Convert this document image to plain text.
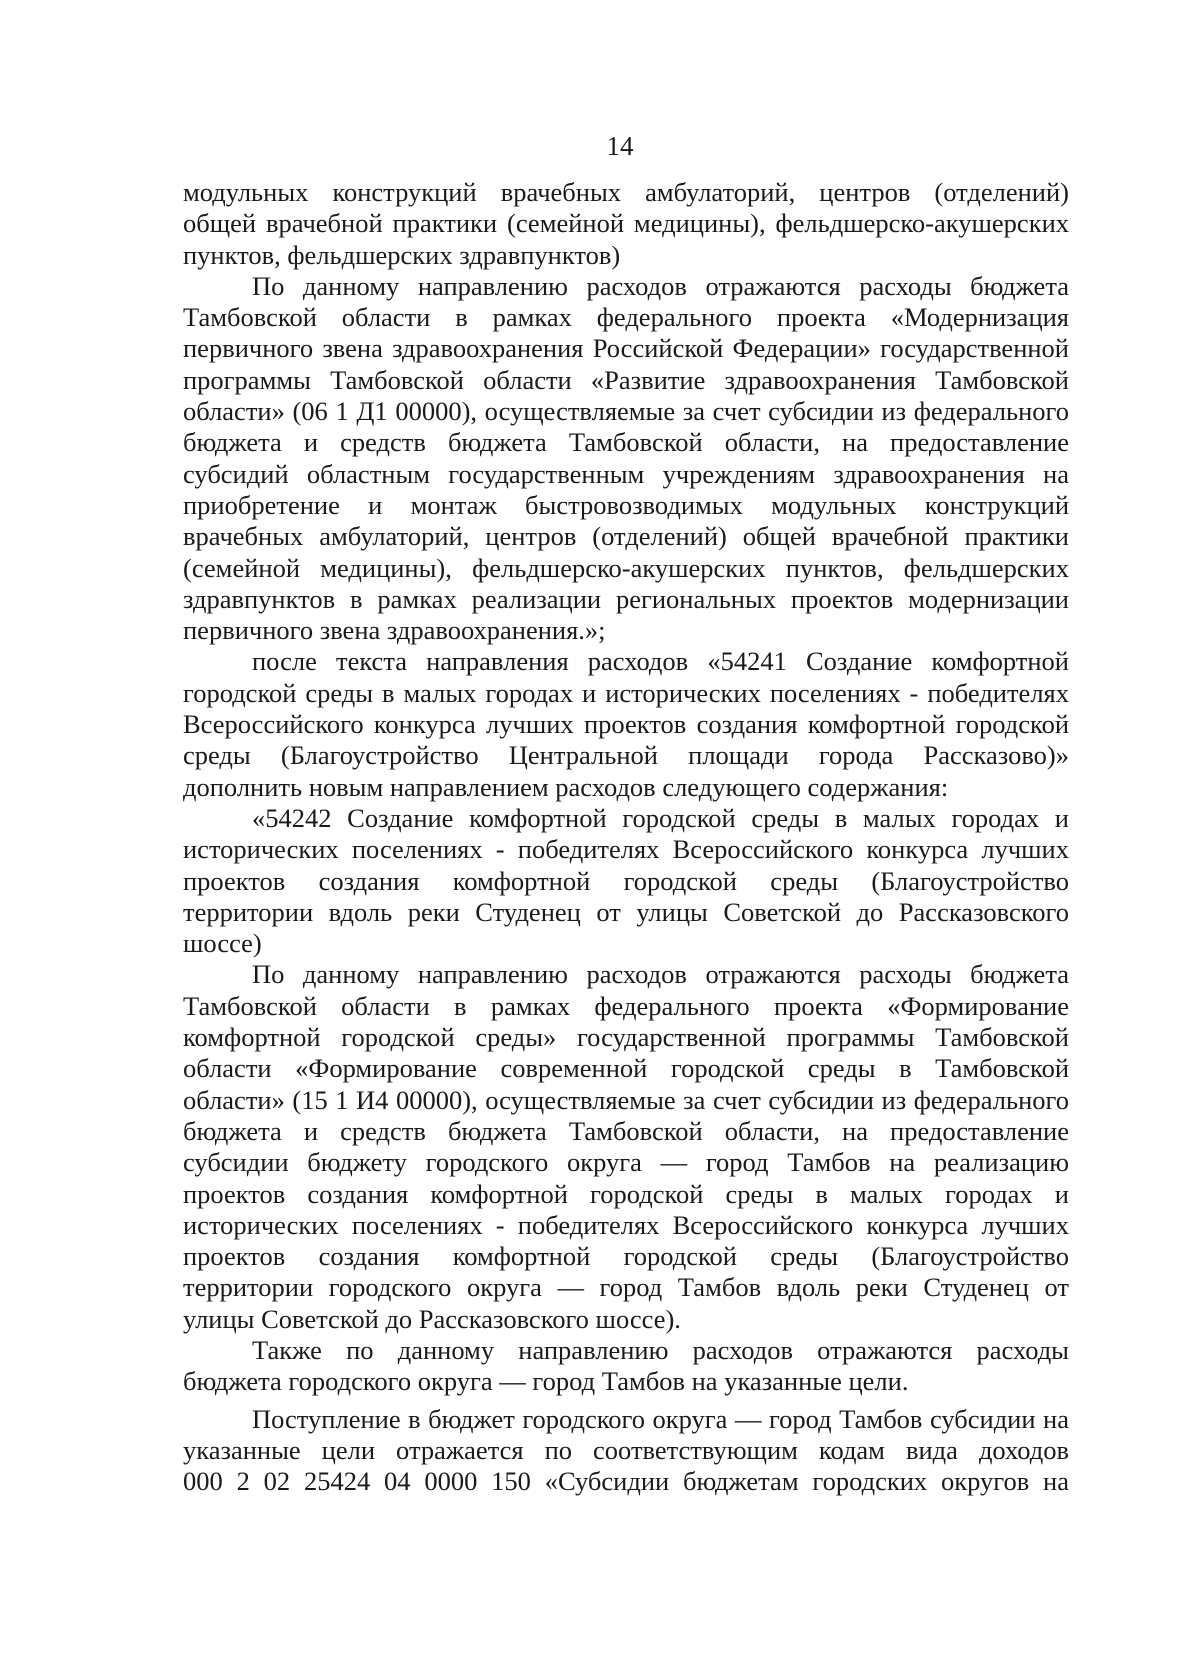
14
модульных конструкций врачебных амбулаторий, центров (отделений)
общей врачебной практики (семейной медицины), фельдшерско-акушерских
пунктов, фельдшерских здравпунктов)
По данному направлению расходов отражаются расходы бюджета
Тамбовской области в рамках федерального проекта «Модернизация
первичного звена здравоохранения Российской Федерации» государственной
программы Тамбовской области «Развитие здравоохранения Тамбовской
области» (06 1 Д1 00000), осуществляемые за счет субсидии из федерального
бюджета и средств бюджета Тамбовской области, на предоставление
субсидий областным государственным учреждениям здравоохранения на
приобретение и монтаж быстровозводимых модульных конструкций
врачебных амбулаторий, центров (отделений) общей врачебной практики
(семейной медицины), фельдшерско-акушерских пунктов, фельдшерских
здравпунктов в рамках реализации региональных проектов модернизации
первичного звена здравоохранения.»;
после текста направления расходов «54241 Создание комфортной
городской среды в малых городах и исторических поселениях - победителях
Всероссийского конкурса лучших проектов создания комфортной городской
среды (Благоустройство Центральной площади города Рассказово)»
дополнить новым направлением расходов следующего содержания:
«54242 Создание комфортной городской среды в малых городах и
исторических поселениях - победителях Всероссийского конкурса лучших
проектов создания комфортной городской среды (Благоустройство
территории вдоль реки Студенец от улицы Советской до Рассказовского
шоссе)
По данному направлению расходов отражаются расходы бюджета
Тамбовской области в рамках федерального проекта «Формирование
комфортной городской среды» государственной программы Тамбовской
области «Формирование современной городской среды в Тамбовской
области» (15 1 И4 00000), осуществляемые за счет субсидии из федерального
бюджета и средств бюджета Тамбовской области, на предоставление
субсидии бюджету городского округа — город Тамбов на реализацию
проектов создания комфортной городской среды в малых городах и
исторических поселениях - победителях Всероссийского конкурса лучших
проектов создания комфортной городской среды (Благоустройство
территории городского округа — город Тамбов вдоль реки Студенец от
улицы Советской до Рассказовского шоссе).
Также по данному направлению расходов отражаются расходы
бюджета городского округа — город Тамбов на указанные цели.
Поступление в бюджет городского округа — город Тамбов субсидии на
указанные цели отражается по соответствующим кодам вида доходов
000 2 02 25424 04 0000 150 «Субсидии бюджетам городских округов на
